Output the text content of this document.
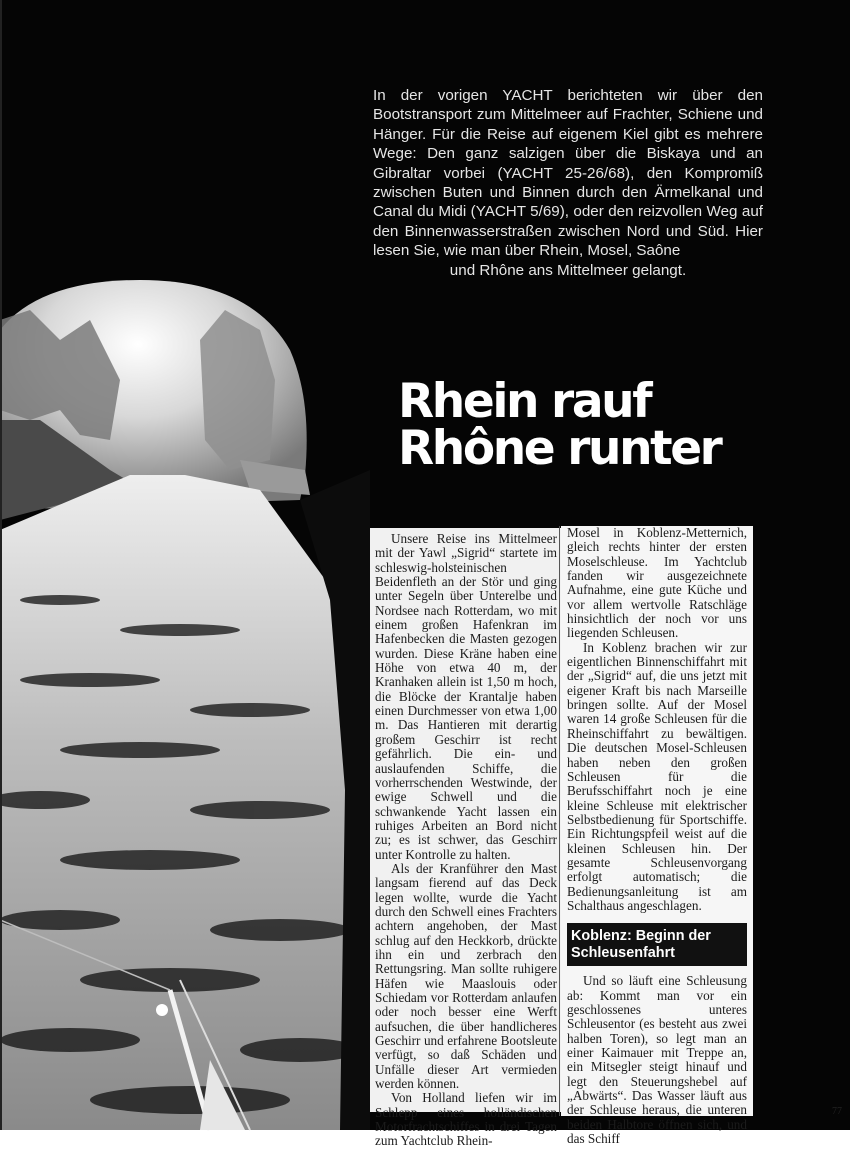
In der vorigen YACHT berichteten wir über den Bootstransport zum Mittelmeer auf Frachter, Schiene und Hänger. Für die Reise auf eigenem Kiel gibt es mehrere Wege: Den ganz salzigen über die Biskaya und an Gibraltar vorbei (YACHT 25-26/68), den Kompromiß zwischen Buten und Binnen durch den Ärmelkanal und Canal du Midi (YACHT 5/69), oder den reizvollen Weg auf den Binnenwasserstraßen zwischen Nord und Süd. Hier lesen Sie, wie man über Rhein, Mosel, Saône

und Rhône ans Mittelmeer gelangt.

Rhein rauf
Rhône runter

Unsere Reise ins Mittelmeer mit der Yawl „Sigrid“ startete im schleswig-holsteinischen Beidenfleth an der Stör und ging unter Segeln über Unterelbe und Nordsee nach Rotterdam, wo mit einem großen Hafenkran im Hafenbecken die Masten gezogen wurden. Diese Kräne haben eine Höhe von etwa 40 m, der Kranhaken allein ist 1,50 m hoch, die Blöcke der Krantalje haben einen Durchmesser von etwa 1,00 m. Das Hantieren mit derartig großem Geschirr ist recht gefährlich. Die ein- und auslaufenden Schiffe, die vorherrschenden Westwinde, der ewige Schwell und die schwankende Yacht lassen ein ruhiges Arbeiten an Bord nicht zu; es ist schwer, das Geschirr unter Kontrolle zu halten.

Als der Kranführer den Mast langsam fierend auf das Deck legen wollte, wurde die Yacht durch den Schwell eines Frachters achtern angehoben, der Mast schlug auf den Heckkorb, drückte ihn ein und zerbrach den Rettungsring. Man sollte ruhigere Häfen wie Maaslouis oder Schiedam vor Rotterdam anlaufen oder noch besser eine Werft aufsuchen, die über handlicheres Geschirr und erfahrene Bootsleute verfügt, so daß Schäden und Unfälle dieser Art vermieden werden können.

Von Holland liefen wir im Schlepp eines holländischen Motorfrachtschiffes in drei Tagen zum Yachtclub Rhein-

Mosel in Koblenz-Metternich, gleich rechts hinter der ersten Moselschleuse. Im Yachtclub fanden wir ausgezeichnete Aufnahme, eine gute Küche und vor allem wertvolle Ratschläge hinsichtlich der noch vor uns liegenden Schleusen.

In Koblenz brachen wir zur eigentlichen Binnenschiffahrt mit der „Sigrid“ auf, die uns jetzt mit eigener Kraft bis nach Marseille bringen sollte. Auf der Mosel waren 14 große Schleusen für die Rheinschiffahrt zu bewältigen. Die deutschen Mosel-Schleusen haben neben den großen Schleusen für die Berufsschiffahrt noch je eine kleine Schleuse mit elektrischer Selbstbedienung für Sportschiffe. Ein Richtungspfeil weist auf die kleinen Schleusen hin. Der gesamte Schleusenvorgang erfolgt automatisch; die Bedienungsanleitung ist am Schalthaus angeschlagen.

Koblenz: Beginn der
Schleusenfahrt

Und so läuft eine Schleusung ab: Kommt man vor ein geschlossenes unteres Schleusentor (es besteht aus zwei halben Toren), so legt man an einer Kaimauer mit Treppe an, ein Mitsegler steigt hinauf und legt den Steuerungshebel auf „Abwärts“. Das Wasser läuft aus der Schleuse heraus, die unteren beiden Halbtore öffnen sich, und das Schiff

77
